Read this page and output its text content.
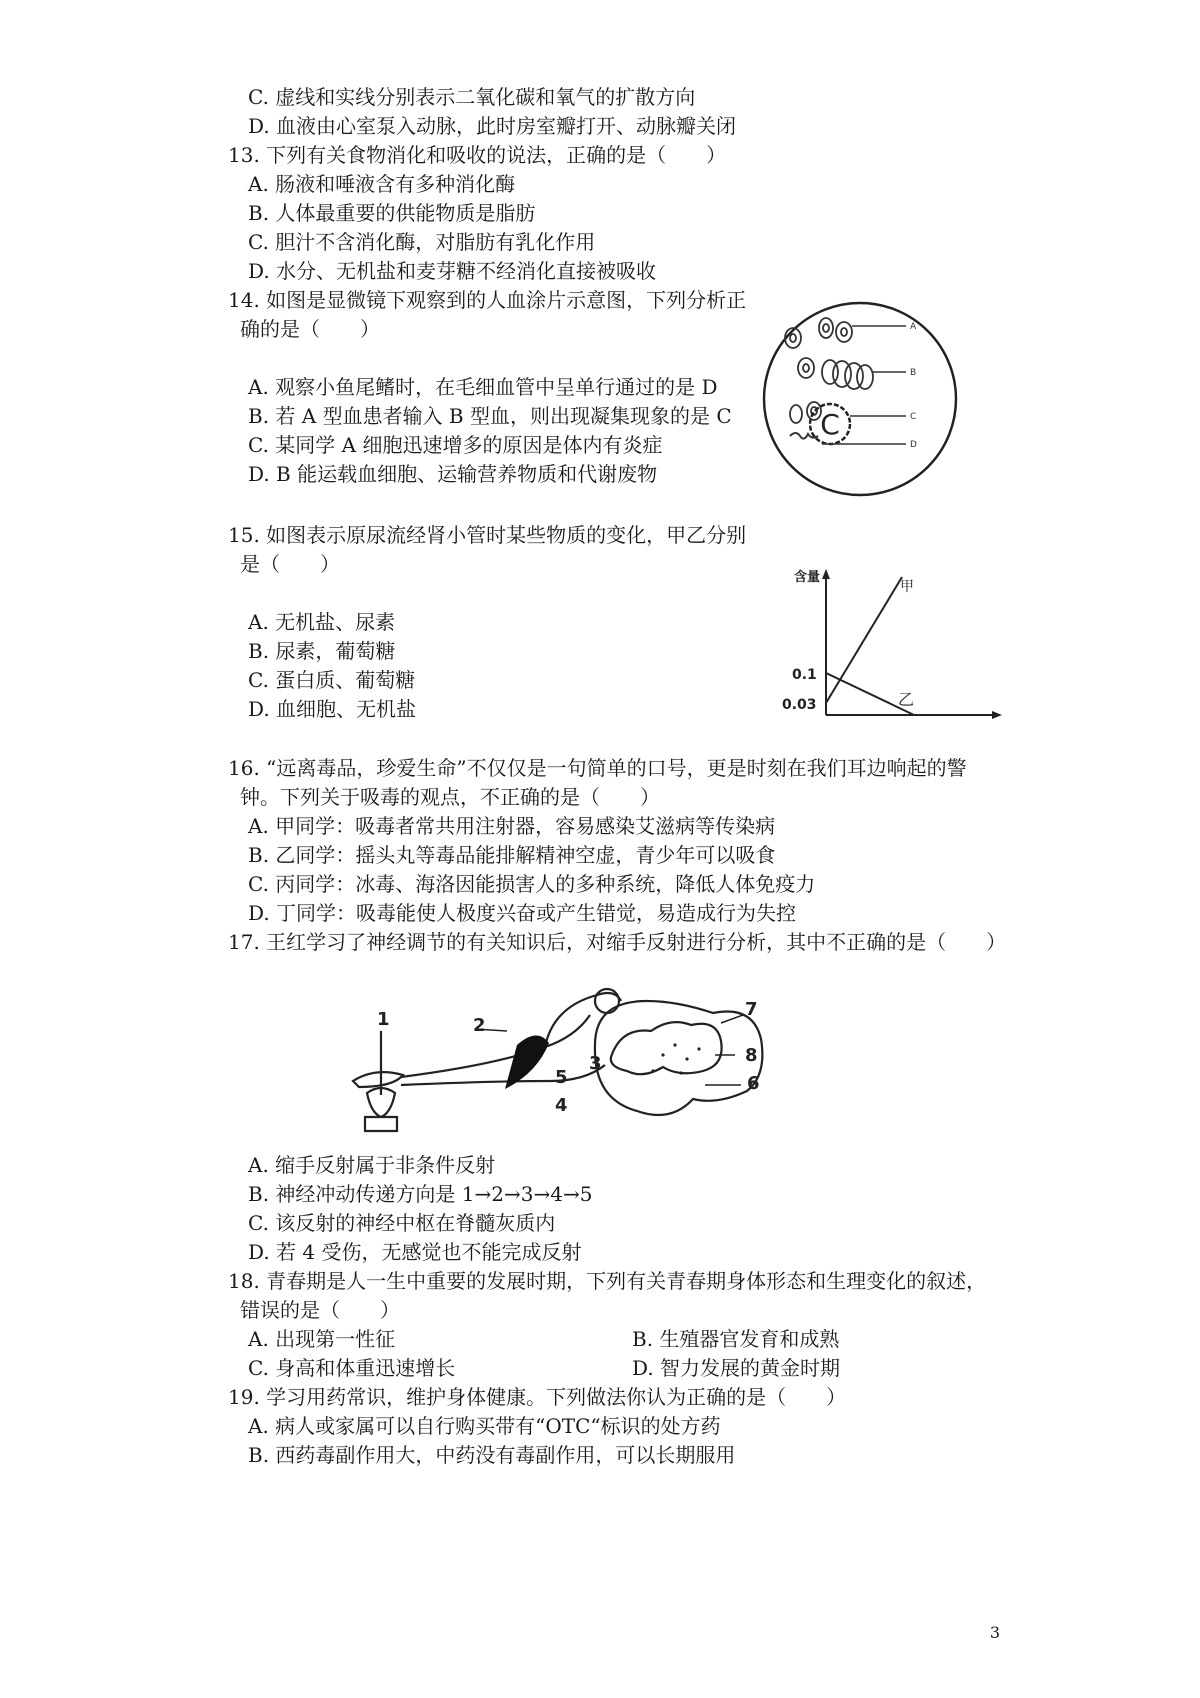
C. 虚线和实线分别表示二氧化碳和氧气的扩散方向
D. 血液由心室泵入动脉，此时房室瓣打开、动脉瓣关闭
13. 下列有关食物消化和吸收的说法，正确的是（　　）
A. 肠液和唾液含有多种消化酶
B. 人体最重要的供能物质是脂肪
C. 胆汁不含消化酶，对脂肪有乳化作用
D. 水分、无机盐和麦芽糖不经消化直接被吸收
14. 如图是显微镜下观察到的人血涂片示意图，下列分析正
确的是（　　）
A. 观察小鱼尾鳍时，在毛细血管中呈单行通过的是 D
B. 若 A 型血患者输入 B 型血，则出现凝集现象的是 C
C. 某同学 A 细胞迅速增多的原因是体内有炎症
D. B 能运载血细胞、运输营养物质和代谢废物
15. 如图表示原尿流经肾小管时某些物质的变化，甲乙分别
是（　　）
A. 无机盐、尿素
B. 尿素，葡萄糖
C. 蛋白质、葡萄糖
D. 血细胞、无机盐
16. “远离毒品，珍爱生命”不仅仅是一句简单的口号，更是时刻在我们耳边响起的警
钟。下列关于吸毒的观点，不正确的是（　　）
A. 甲同学：吸毒者常共用注射器，容易感染艾滋病等传染病
B. 乙同学：摇头丸等毒品能排解精神空虚，青少年可以吸食
C. 丙同学：冰毒、海洛因能损害人的多种系统，降低人体免疫力
D. 丁同学：吸毒能使人极度兴奋或产生错觉，易造成行为失控
17. 王红学习了神经调节的有关知识后，对缩手反射进行分析，其中不正确的是（　　）
A. 缩手反射属于非条件反射
B. 神经冲动传递方向是 1→2→3→4→5
C. 该反射的神经中枢在脊髓灰质内
D. 若 4 受伤，无感觉也不能完成反射
18. 青春期是人一生中重要的发展时期，下列有关青春期身体形态和生理变化的叙述，
错误的是（　　）
A. 出现第一性征	B. 生殖器官发育和成熟
C. 身高和体重迅速增长	D. 智力发展的黄金时期
19. 学习用药常识，维护身体健康。下列做法你认为正确的是（　　）
A. 病人或家属可以自行购买带有“OTC“标识的处方药
B. 西药毒副作用大，中药没有毒副作用，可以长期服用
C
A
B
C
D
含量
0.1
0.03
甲
乙
1	2
3
4
5	6
7
8
3
